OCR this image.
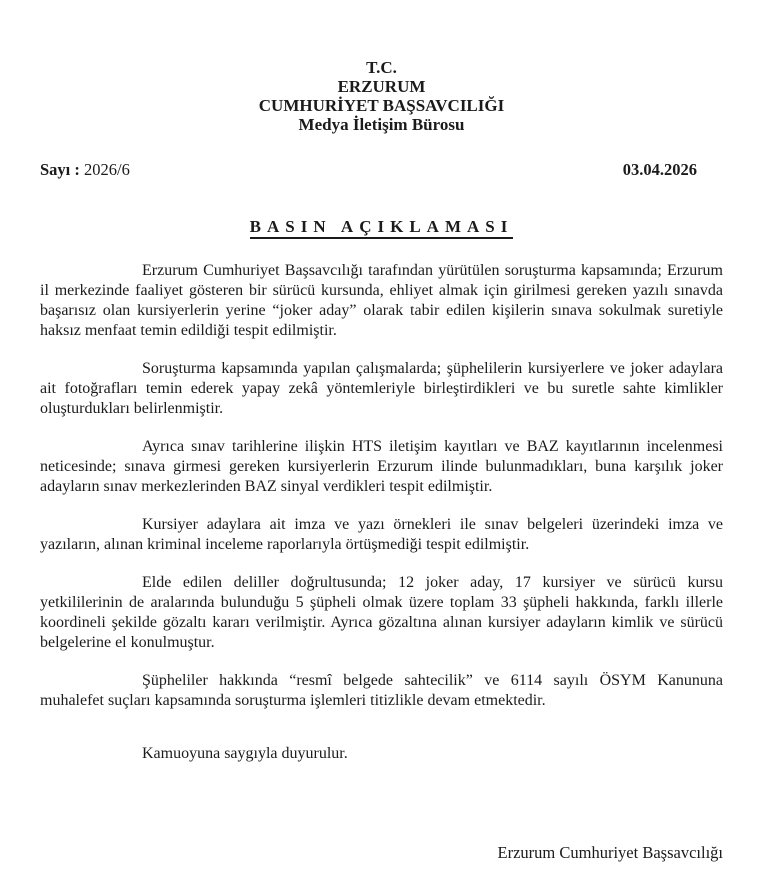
T.C.
ERZURUM
CUMHURİYET BAŞSAVCILIĞI
Medya İletişim Bürosu
Sayı : 2026/6	03.04.2026
BASIN AÇIKLAMASI

Erzurum Cumhuriyet Başsavcılığı tarafından yürütülen soruşturma kapsamında; Erzurum il merkezinde faaliyet gösteren bir sürücü kursunda, ehliyet almak için girilmesi gereken yazılı sınavda başarısız olan kursiyerlerin yerine “joker aday” olarak tabir edilen kişilerin sınava sokulmak suretiyle haksız menfaat temin edildiği tespit edilmiştir.

Soruşturma kapsamında yapılan çalışmalarda; şüphelilerin kursiyerlere ve joker adaylara ait fotoğrafları temin ederek yapay zekâ yöntemleriyle birleştirdikleri ve bu suretle sahte kimlikler oluşturdukları belirlenmiştir.

Ayrıca sınav tarihlerine ilişkin HTS iletişim kayıtları ve BAZ kayıtlarının incelenmesi neticesinde; sınava girmesi gereken kursiyerlerin Erzurum ilinde bulunmadıkları, buna karşılık joker adayların sınav merkezlerinden BAZ sinyal verdikleri tespit edilmiştir.

Kursiyer adaylara ait imza ve yazı örnekleri ile sınav belgeleri üzerindeki imza ve yazıların, alınan kriminal inceleme raporlarıyla örtüşmediği tespit edilmiştir.

Elde edilen deliller doğrultusunda; 12 joker aday, 17 kursiyer ve sürücü kursu yetkililerinin de aralarında bulunduğu 5 şüpheli olmak üzere toplam 33 şüpheli hakkında, farklı illerle koordineli şekilde gözaltı kararı verilmiştir. Ayrıca gözaltına alınan kursiyer adayların kimlik ve sürücü belgelerine el konulmuştur.

Şüpheliler hakkında “resmî belgede sahtecilik” ve 6114 sayılı ÖSYM Kanununa muhalefet suçları kapsamında soruşturma işlemleri titizlikle devam etmektedir.

Kamuoyuna saygıyla duyurulur.
Erzurum Cumhuriyet Başsavcılığı
